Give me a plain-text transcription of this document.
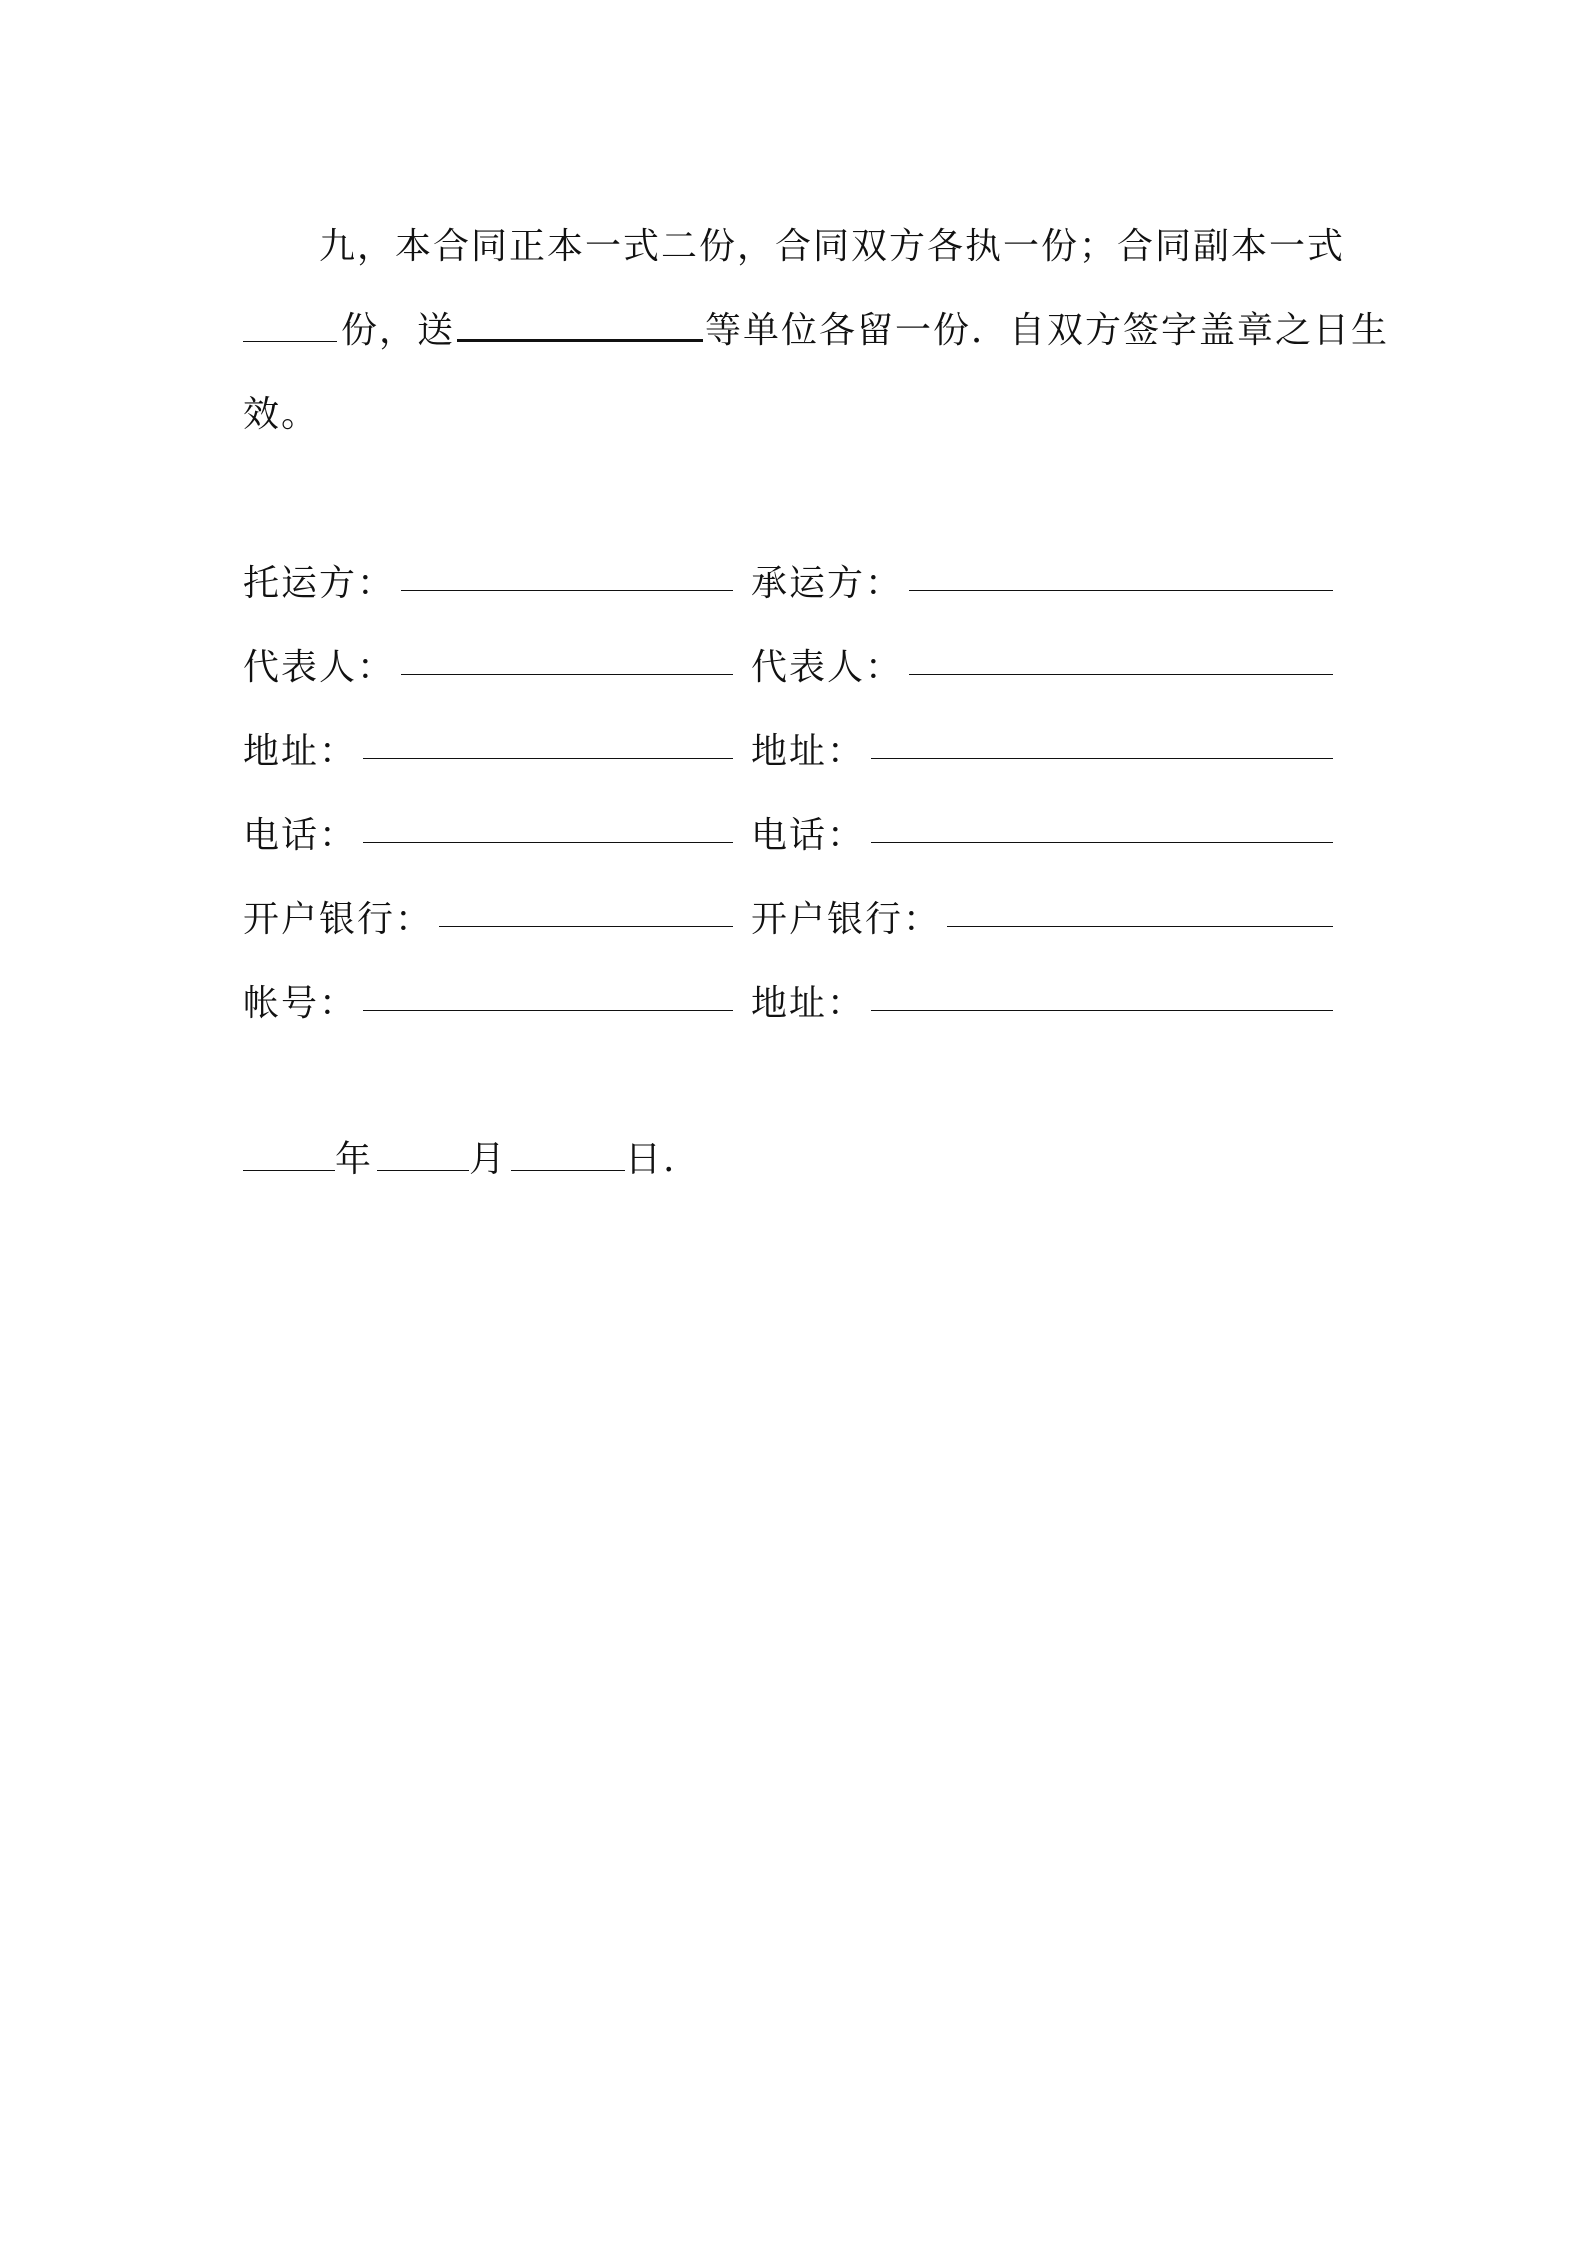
九，本合同正本一式二份，合同双方各执一份；合同副本一式
份，送	等单位各留一份．自双方签字盖章之日生
效。
托运方：	承运方：
代表人：	代表人：
地址：	地址：
电话：	电话：
开户银行：	开户银行：
帐号：	地址：
年	月	日.
